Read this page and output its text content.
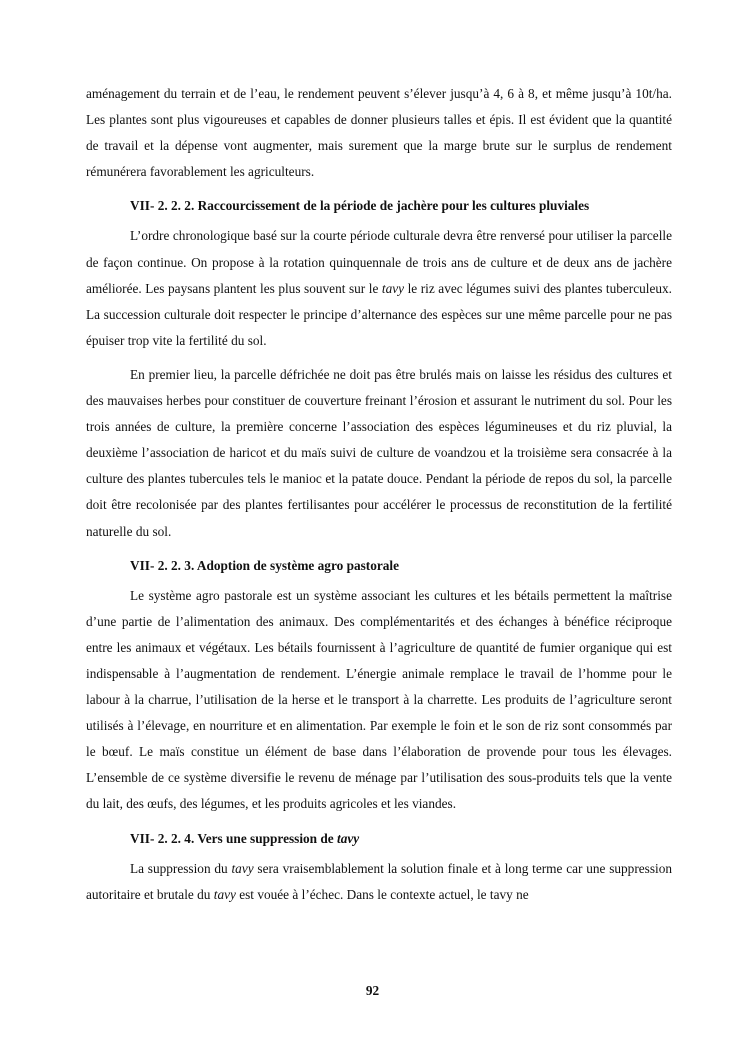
aménagement du terrain et de l’eau, le rendement peuvent s’élever jusqu’à 4, 6 à 8, et même jusqu’à 10t/ha. Les plantes sont plus vigoureuses et capables de donner plusieurs talles et épis. Il est évident que la quantité de travail et la dépense vont augmenter, mais surement que la marge brute sur le surplus de rendement rémunérera favorablement les agriculteurs.

VII- 2. 2. 2. Raccourcissement de la période de jachère pour les cultures pluviales

L’ordre chronologique basé sur la courte période culturale devra être renversé pour utiliser la parcelle de façon continue. On propose à la rotation quinquennale de trois ans de culture et de deux ans de jachère améliorée. Les paysans plantent les plus souvent sur le tavy le riz avec légumes suivi des plantes tuberculeux. La succession culturale doit respecter le principe d’alternance des espèces sur une même parcelle pour ne pas épuiser trop vite la fertilité du sol.

En premier lieu, la parcelle défrichée ne doit pas être brulés mais on laisse les résidus des cultures et des mauvaises herbes pour constituer de couverture freinant l’érosion et assurant le nutriment du sol. Pour les trois années de culture, la première concerne l’association des espèces légumineuses et du riz pluvial, la deuxième l’association de haricot et du maïs suivi de culture de voandzou et la troisième sera consacrée à la culture des plantes tubercules tels le manioc et la patate douce. Pendant la période de repos du sol, la parcelle doit être recolonisée par des plantes fertilisantes pour accélérer le processus de reconstitution de la fertilité naturelle du sol.

VII- 2. 2. 3. Adoption de système agro pastorale

Le système agro pastorale est un système associant les cultures et les bétails permettent la maîtrise d’une partie de l’alimentation des animaux. Des complémentarités et des échanges à bénéfice réciproque entre les animaux et végétaux. Les bétails fournissent à l’agriculture de quantité de fumier organique qui est indispensable à l’augmentation de rendement. L’énergie animale remplace le travail de l’homme pour le labour à la charrue, l’utilisation de la herse et le transport à la charrette. Les produits de l’agriculture seront utilisés à l’élevage, en nourriture et en alimentation. Par exemple le foin et le son de riz sont consommés par le bœuf. Le maïs constitue un élément de base dans l’élaboration de provende pour tous les élevages. L’ensemble de ce système diversifie le revenu de ménage par l’utilisation des sous-produits tels que la vente du lait, des œufs, des légumes, et les produits agricoles et les viandes.

VII- 2. 2. 4. Vers une suppression de tavy

La suppression du tavy sera vraisemblablement la solution finale et à long terme car une suppression autoritaire et brutale du tavy est vouée à l’échec. Dans le contexte actuel, le tavy ne

92
